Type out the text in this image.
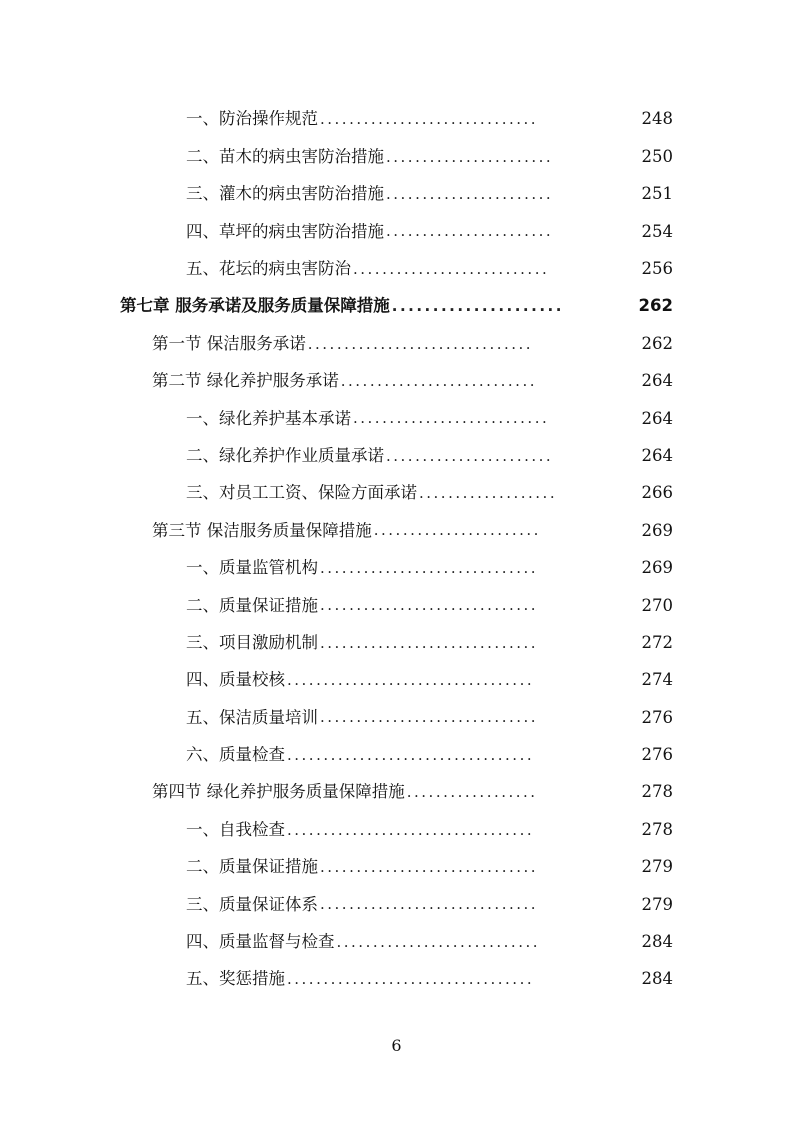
一、防治操作规范 ..............................	248
二、苗木的病虫害防治措施 .......................	250
三、灌木的病虫害防治措施 .......................	251
四、草坪的病虫害防治措施 .......................	254
五、花坛的病虫害防治 ...........................	256
第七章 服务承诺及服务质量保障措施 .....................	262
第一节 保洁服务承诺 ...............................	262
第二节 绿化养护服务承诺 ...........................	264
一、绿化养护基本承诺 ...........................	264
二、绿化养护作业质量承诺 .......................	264
三、对员工工资、保险方面承诺 ...................	266
第三节 保洁服务质量保障措施 .......................	269
一、质量监管机构 ..............................	269
二、质量保证措施 ..............................	270
三、项目激励机制 ..............................	272
四、质量校核 ..................................	274
五、保洁质量培训 ..............................	276
六、质量检查 ..................................	276
第四节 绿化养护服务质量保障措施 ..................	278
一、自我检查 ..................................	278
二、质量保证措施 ..............................	279
三、质量保证体系 ..............................	279
四、质量监督与检查 ............................	284
五、奖惩措施 ..................................	284
6
